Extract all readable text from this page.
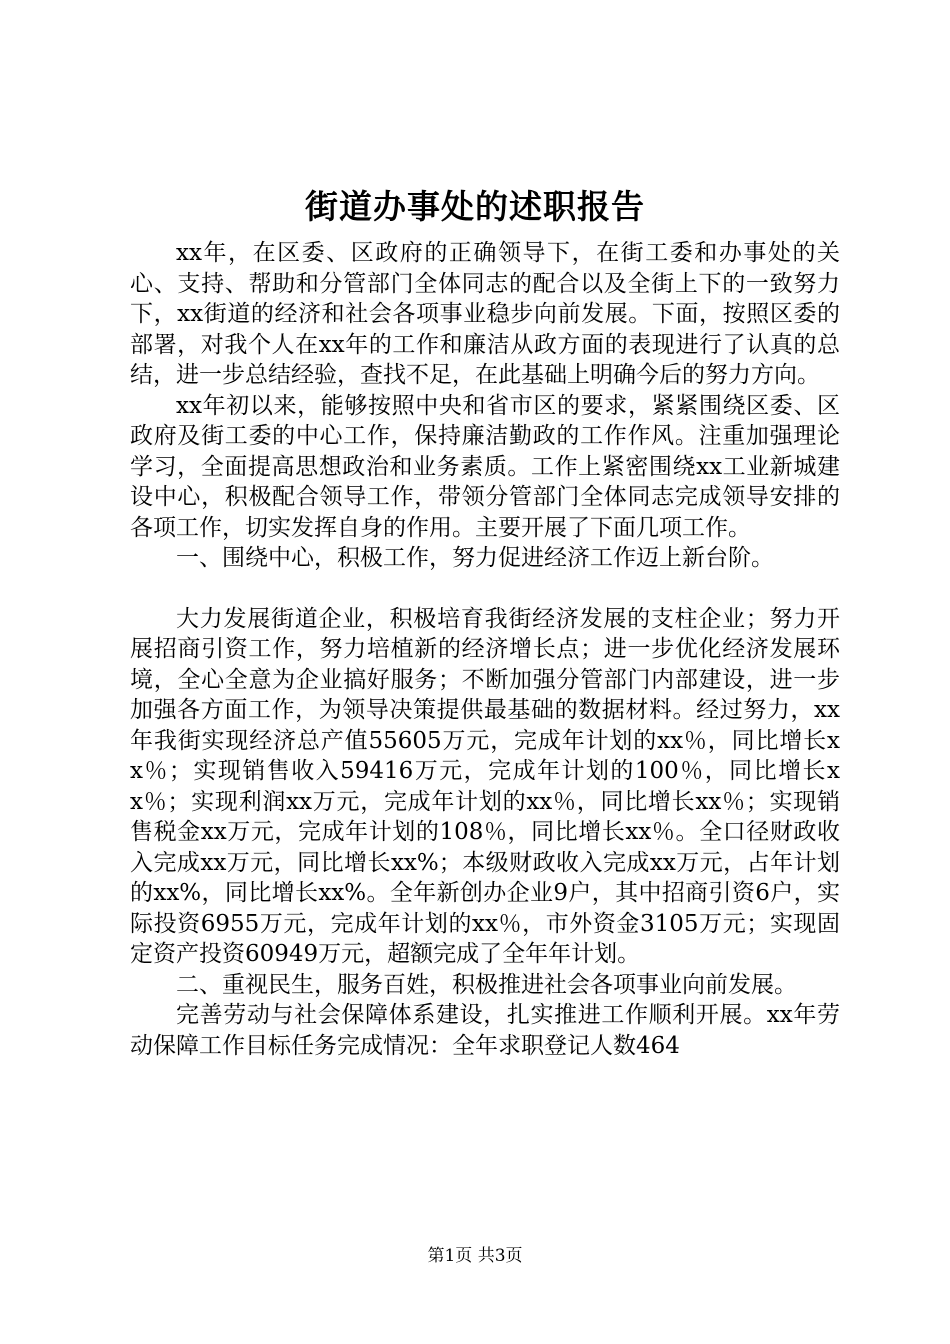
街道办事处的述职报告

xx年，在区委、区政府的正确领导下，在街工委和办事处的关心、支持、帮助和分管部门全体同志的配合以及全街上下的一致努力下，xx街道的经济和社会各项事业稳步向前发展。下面，按照区委的部署，对我个人在xx年的工作和廉洁从政方面的表现进行了认真的总结，进一步总结经验，查找不足，在此基础上明确今后的努力方向。

xx年初以来，能够按照中央和省市区的要求，紧紧围绕区委、区政府及街工委的中心工作，保持廉洁勤政的工作作风。注重加强理论学习，全面提高思想政治和业务素质。工作上紧密围绕xx工业新城建设中心，积极配合领导工作，带领分管部门全体同志完成领导安排的各项工作，切实发挥自身的作用。主要开展了下面几项工作。

一、围绕中心，积极工作，努力促进经济工作迈上新台阶。

大力发展街道企业，积极培育我街经济发展的支柱企业；努力开展招商引资工作，努力培植新的经济增长点；进一步优化经济发展环境，全心全意为企业搞好服务；不断加强分管部门内部建设，进一步加强各方面工作，为领导决策提供最基础的数据材料。经过努力，xx年我街实现经济总产值55605万元，完成年计划的xx％，同比增长xx％；实现销售收入59416万元，完成年计划的100％，同比增长xx％；实现利润xx万元，完成年计划的xx％，同比增长xx％；实现销售税金xx万元，完成年计划的108％，同比增长xx％。全口径财政收入完成xx万元，同比增长xx%；本级财政收入完成xx万元，占年计划的xx%，同比增长xx%。全年新创办企业9户，其中招商引资6户，实际投资6955万元，完成年计划的xx％，市外资金3105万元；实现固定资产投资60949万元，超额完成了全年年计划。

二、重视民生，服务百姓，积极推进社会各项事业向前发展。

完善劳动与社会保障体系建设，扎实推进工作顺利开展。xx年劳动保障工作目标任务完成情况：全年求职登记人数464

第1页 共3页
